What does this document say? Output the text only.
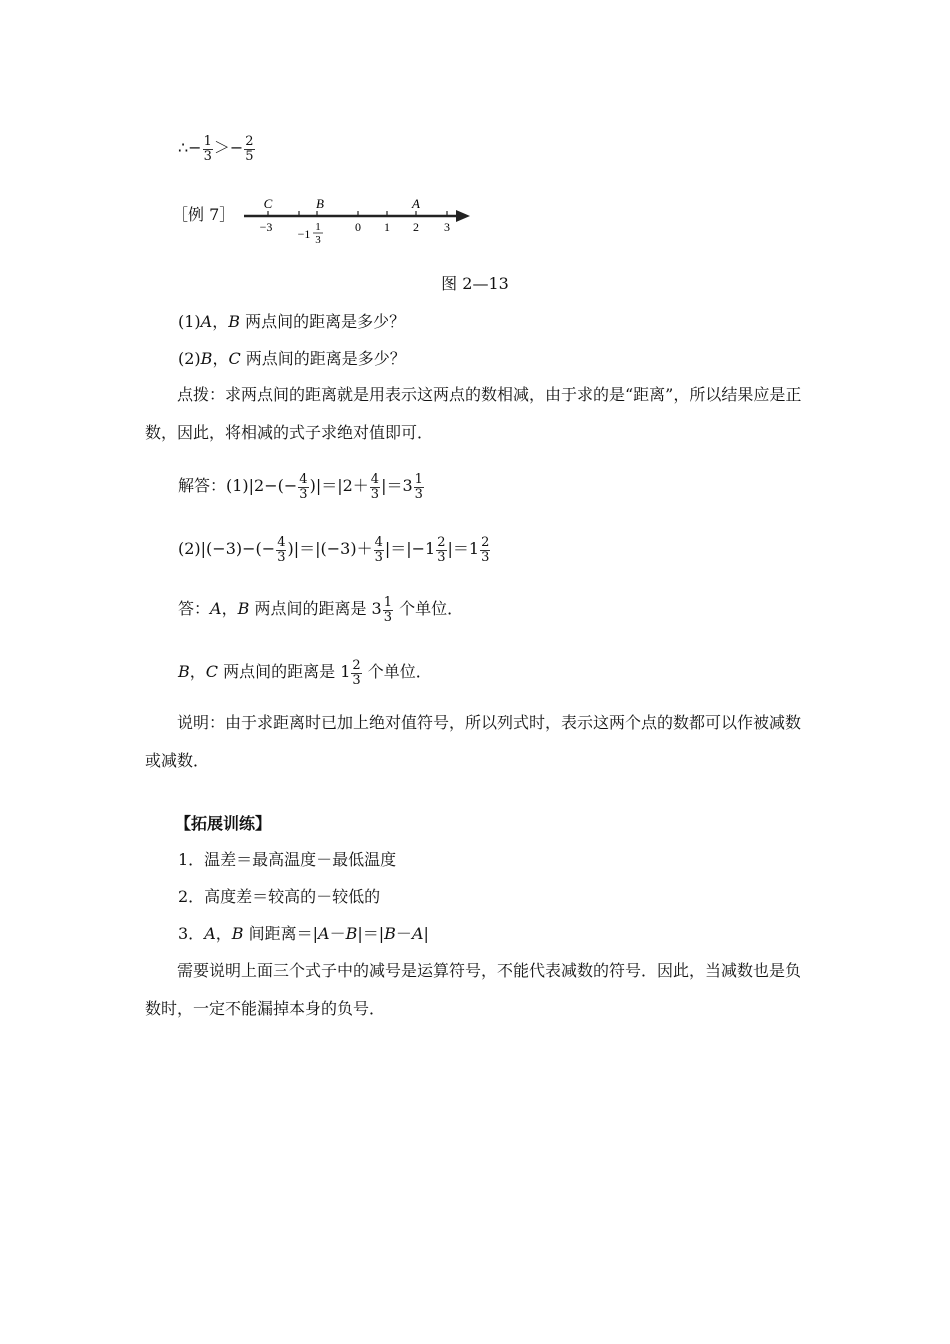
∴− $\frac{1}{3} >- \frac{2}{5}$
［例 7］
C	B	A
−3 −1 1
3
0 1 2 3
图 2—13
(1)A，B 两点间的距离是多少？
(2)B，C 两点间的距离是多少？
点拨：求两点间的距离就是用表示这两点的数相减，由于求的是“距离”，所以结果应是正数，因此，将相减的式子求绝对值即可．
解答：$(1)|2-(- \frac{4}{3} )|=|2+ \frac{4}{3} |=3 \frac{1}{3}$
$(2)|(-3)-(- \frac{4}{3} )|=|(-3)+ \frac{4}{3} |=|-1 \frac{2}{3} |=1 \frac{2}{3}$
答：A，B 两点间的距离是 $3 \frac{1}{3}$ 个单位．
B，C 两点间的距离是 $1 \frac{2}{3}$ 个单位．
说明：由于求距离时已加上绝对值符号，所以列式时，表示这两个点的数都可以作被减数或减数．
【拓展训练】
1．温差＝最高温度－最低温度
2．高度差＝较高的－较低的
3．A，B 间距离＝|A－B|＝|B－A|
需要说明上面三个式子中的减号是运算符号，不能代表减数的符号．因此，当减数也是负数时，一定不能漏掉本身的负号．
